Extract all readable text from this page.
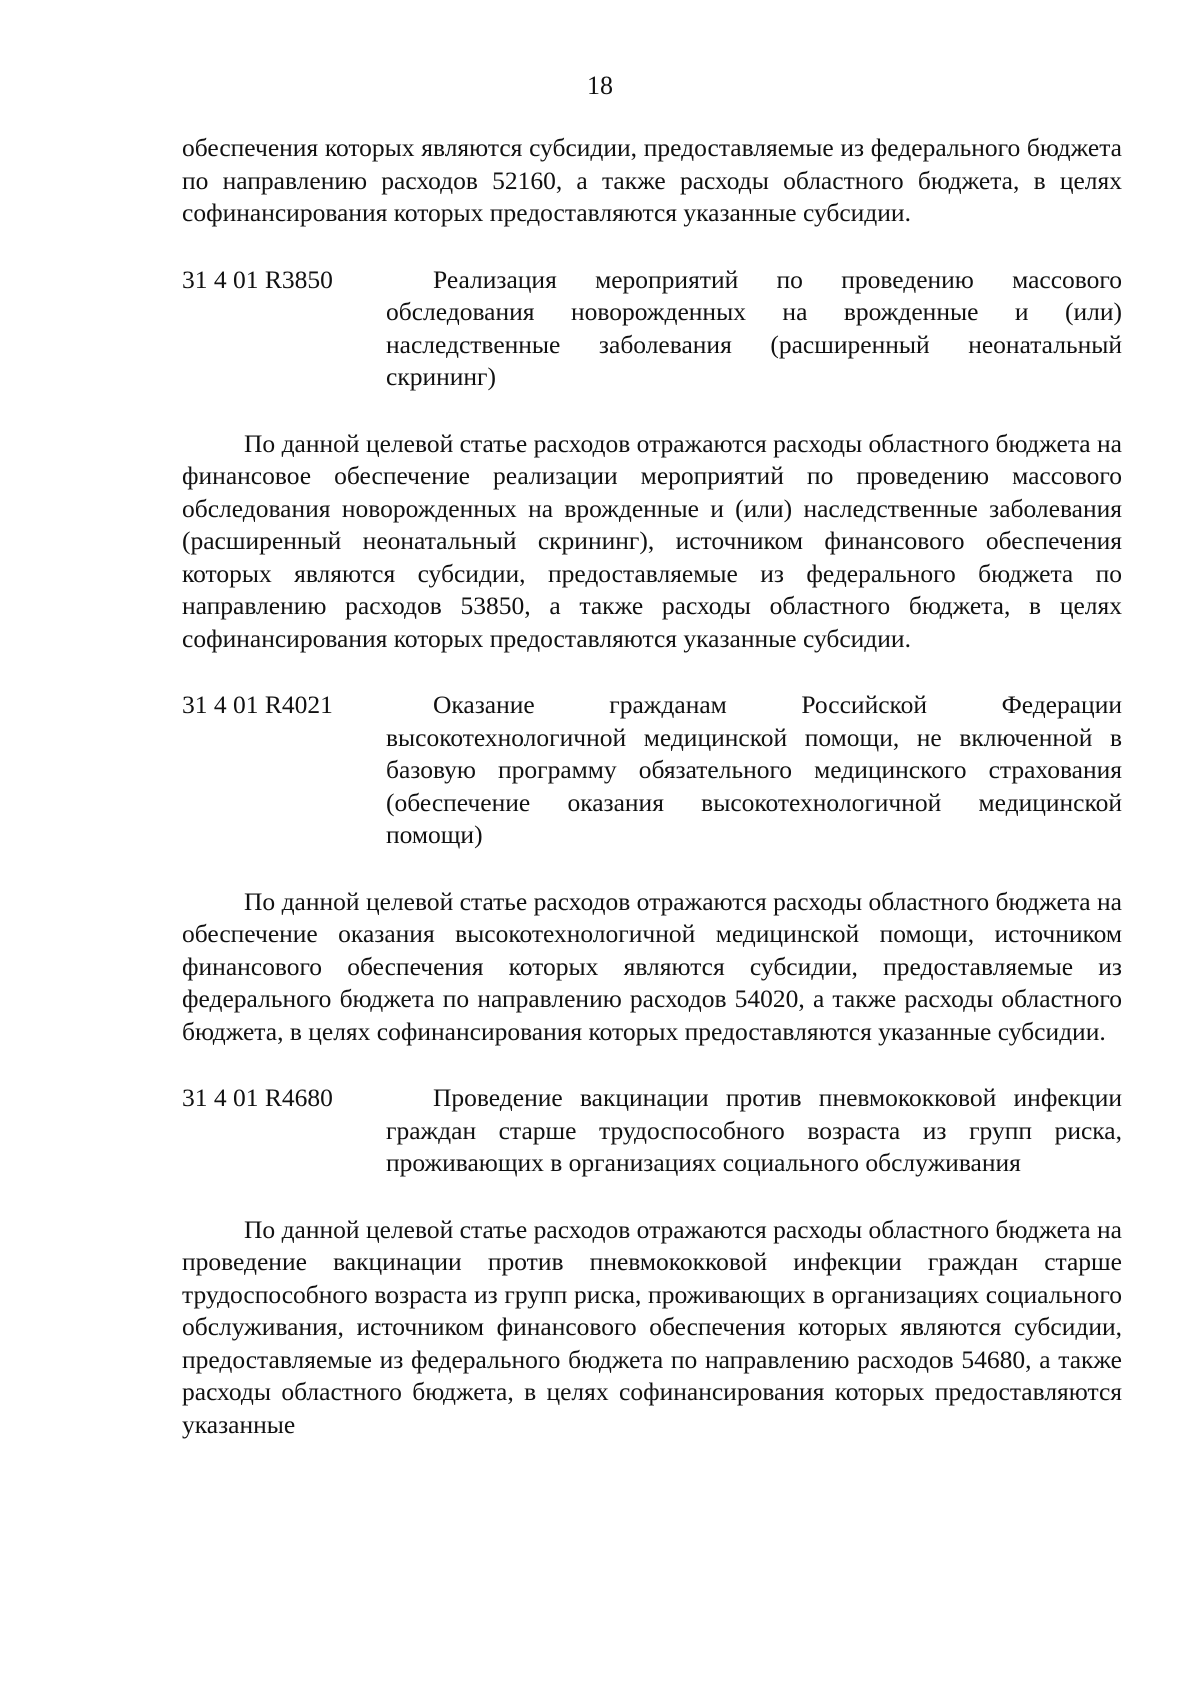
18

обеспечения которых являются субсидии, предоставляемые из федерального бюджета по направлению расходов 52160, а также расходы областного бюджета, в целях софинансирования которых предоставляются указанные субсидии.

31 4 01 R3850	Реализация мероприятий по проведению массового обследования новорожденных на врожденные и (или) наследственные заболевания (расширенный неонатальный скрининг)

По данной целевой статье расходов отражаются расходы областного бюджета на финансовое обеспечение реализации мероприятий по проведению массового обследования новорожденных на врожденные и (или) наследственные заболевания (расширенный неонатальный скрининг), источником финансового обеспечения которых являются субсидии, предоставляемые из федерального бюджета по направлению расходов 53850, а также расходы областного бюджета, в целях софинансирования которых предоставляются указанные субсидии.

31 4 01 R4021	Оказание гражданам Российской Федерации высокотехнологичной медицинской помощи, не включенной в базовую программу обязательного медицинского страхования (обеспечение оказания высокотехнологичной медицинской помощи)

По данной целевой статье расходов отражаются расходы областного бюджета на обеспечение оказания высокотехнологичной медицинской помощи, источником финансового обеспечения которых являются субсидии, предоставляемые из федерального бюджета по направлению расходов 54020, а также расходы областного бюджета, в целях софинансирования которых предоставляются указанные субсидии.

31 4 01 R4680	Проведение вакцинации против пневмококковой инфекции граждан старше трудоспособного возраста из групп риска, проживающих в организациях социального обслуживания

По данной целевой статье расходов отражаются расходы областного бюджета на проведение вакцинации против пневмококковой инфекции граждан старше трудоспособного возраста из групп риска, проживающих в организациях социального обслуживания, источником финансового обеспечения которых являются субсидии, предоставляемые из федерального бюджета по направлению расходов 54680, а также расходы областного бюджета, в целях софинансирования которых предоставляются указанные
